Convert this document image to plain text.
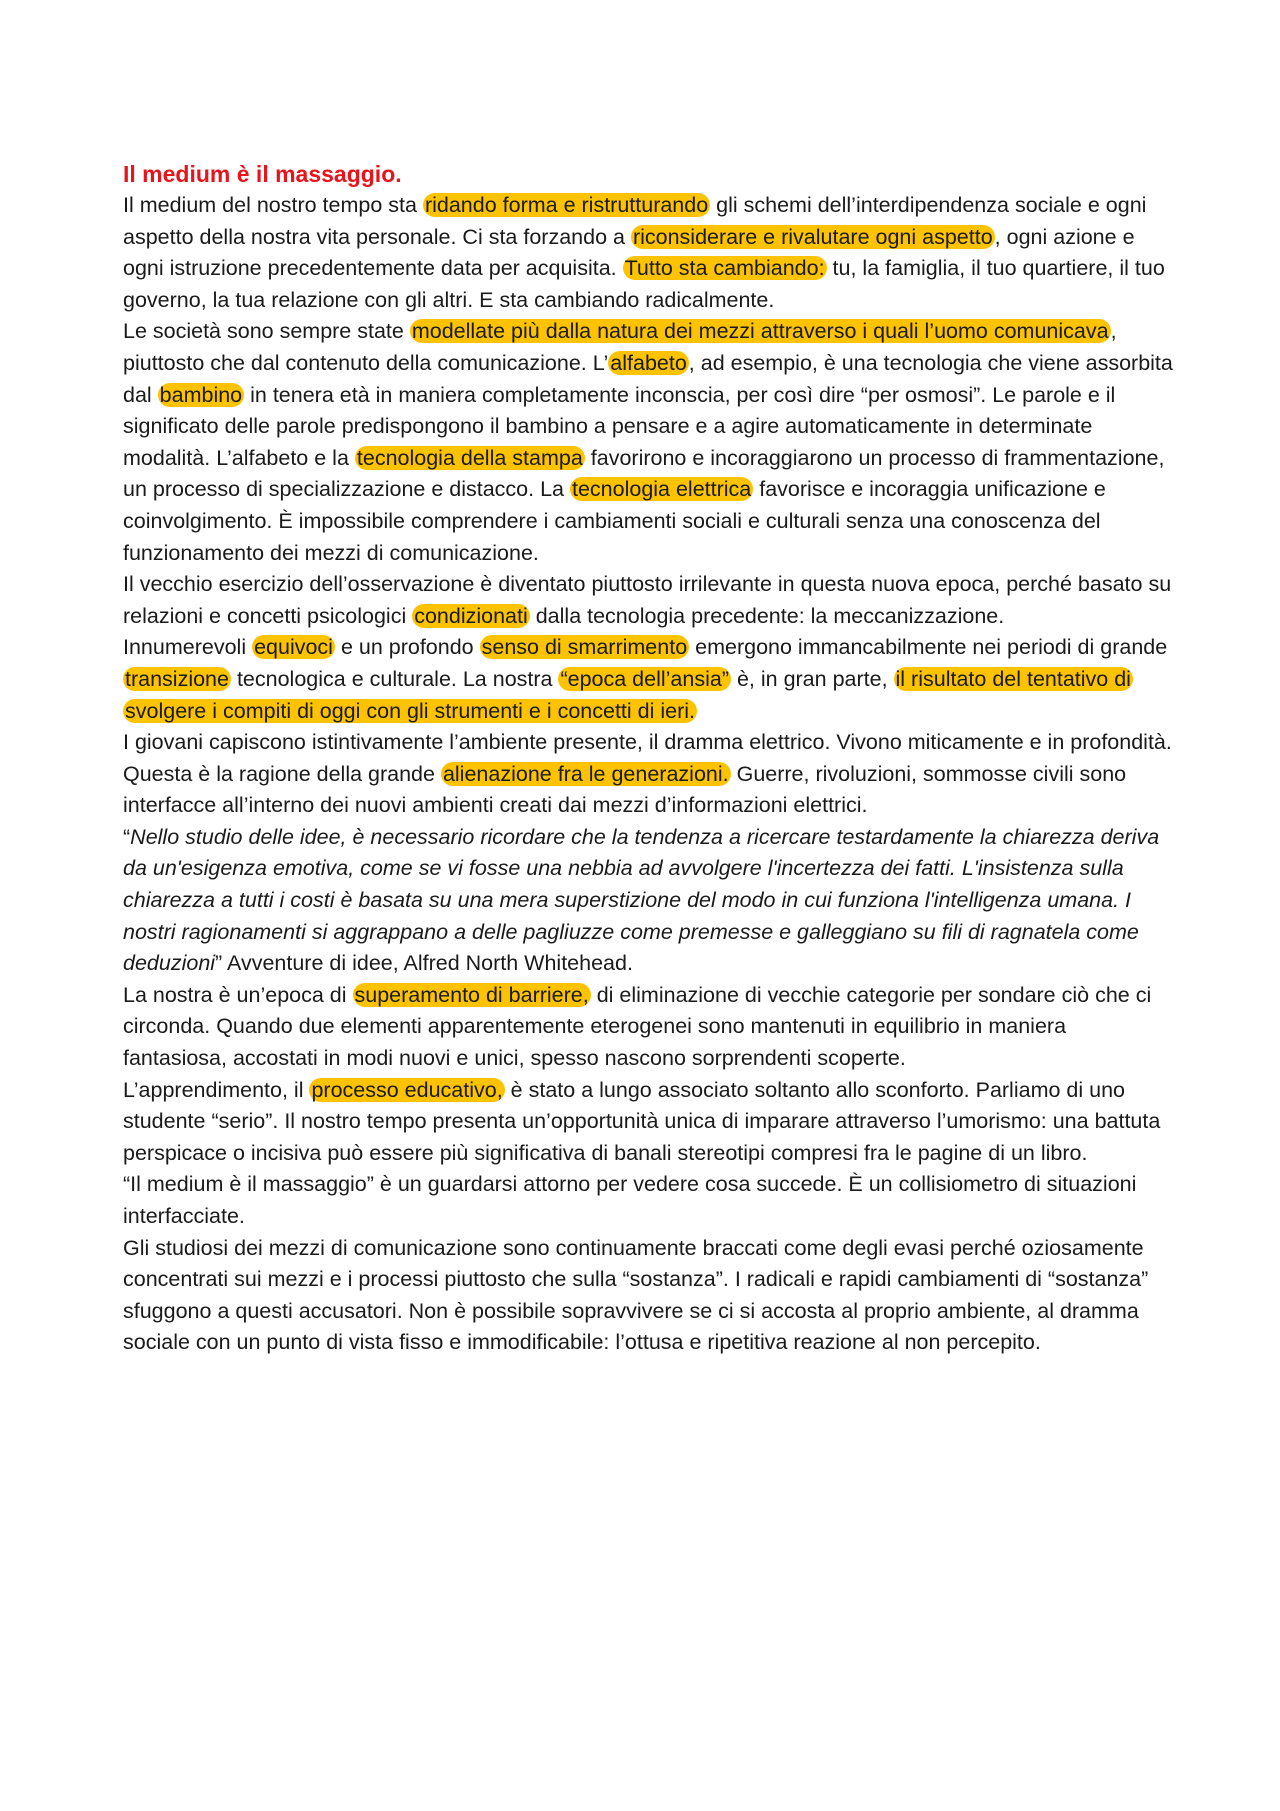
Il medium è il massaggio.

Il medium del nostro tempo sta ridando forma e ristrutturando gli schemi dell’interdipendenza sociale e ogni aspetto della nostra vita personale. Ci sta forzando a riconsiderare e rivalutare ogni aspetto, ogni azione e ogni istruzione precedentemente data per acquisita. Tutto sta cambiando: tu, la famiglia, il tuo quartiere, il tuo governo, la tua relazione con gli altri. E sta cambiando radicalmente.

Le società sono sempre state modellate più dalla natura dei mezzi attraverso i quali l’uomo comunicava, piuttosto che dal contenuto della comunicazione. L’alfabeto, ad esempio, è una tecnologia che viene assorbita dal bambino in tenera età in maniera completamente inconscia, per così dire “per osmosi”. Le parole e il significato delle parole predispongono il bambino a pensare e a agire automaticamente in determinate modalità. L’alfabeto e la tecnologia della stampa favorirono e incoraggiarono un processo di frammentazione, un processo di specializzazione e distacco. La tecnologia elettrica favorisce e incoraggia unificazione e coinvolgimento. È impossibile comprendere i cambiamenti sociali e culturali senza una conoscenza del funzionamento dei mezzi di comunicazione.

Il vecchio esercizio dell’osservazione è diventato piuttosto irrilevante in questa nuova epoca, perché basato su relazioni e concetti psicologici condizionati dalla tecnologia precedente: la meccanizzazione.

Innumerevoli equivoci e un profondo senso di smarrimento emergono immancabilmente nei periodi di grande transizione tecnologica e culturale. La nostra “epoca dell’ansia” è, in gran parte, il risultato del tentativo di svolgere i compiti di oggi con gli strumenti e i concetti di ieri.

I giovani capiscono istintivamente l’ambiente presente, il dramma elettrico. Vivono miticamente e in profondità. Questa è la ragione della grande alienazione fra le generazioni. Guerre, rivoluzioni, sommosse civili sono interfacce all’interno dei nuovi ambienti creati dai mezzi d’informazioni elettrici.

“Nello studio delle idee, è necessario ricordare che la tendenza a ricercare testardamente la chiarezza deriva da un'esigenza emotiva, come se vi fosse una nebbia ad avvolgere l'incertezza dei fatti. L'insistenza sulla chiarezza a tutti i costi è basata su una mera superstizione del modo in cui funziona l'intelligenza umana. I nostri ragionamenti si aggrappano a delle pagliuzze come premesse e galleggiano su fili di ragnatela come deduzioni” Avventure di idee, Alfred North Whitehead.

La nostra è un’epoca di superamento di barriere, di eliminazione di vecchie categorie per sondare ciò che ci circonda. Quando due elementi apparentemente eterogenei sono mantenuti in equilibrio in maniera fantasiosa, accostati in modi nuovi e unici, spesso nascono sorprendenti scoperte.

L’apprendimento, il processo educativo, è stato a lungo associato soltanto allo sconforto. Parliamo di uno studente “serio”. Il nostro tempo presenta un’opportunità unica di imparare attraverso l’umorismo: una battuta perspicace o incisiva può essere più significativa di banali stereotipi compresi fra le pagine di un libro.

“Il medium è il massaggio” è un guardarsi attorno per vedere cosa succede. È un collisiometro di situazioni interfacciate.

Gli studiosi dei mezzi di comunicazione sono continuamente braccati come degli evasi perché oziosamente concentrati sui mezzi e i processi piuttosto che sulla “sostanza”. I radicali e rapidi cambiamenti di “sostanza” sfuggono a questi accusatori. Non è possibile sopravvivere se ci si accosta al proprio ambiente, al dramma sociale con un punto di vista fisso e immodificabile: l’ottusa e ripetitiva reazione al non percepito.
